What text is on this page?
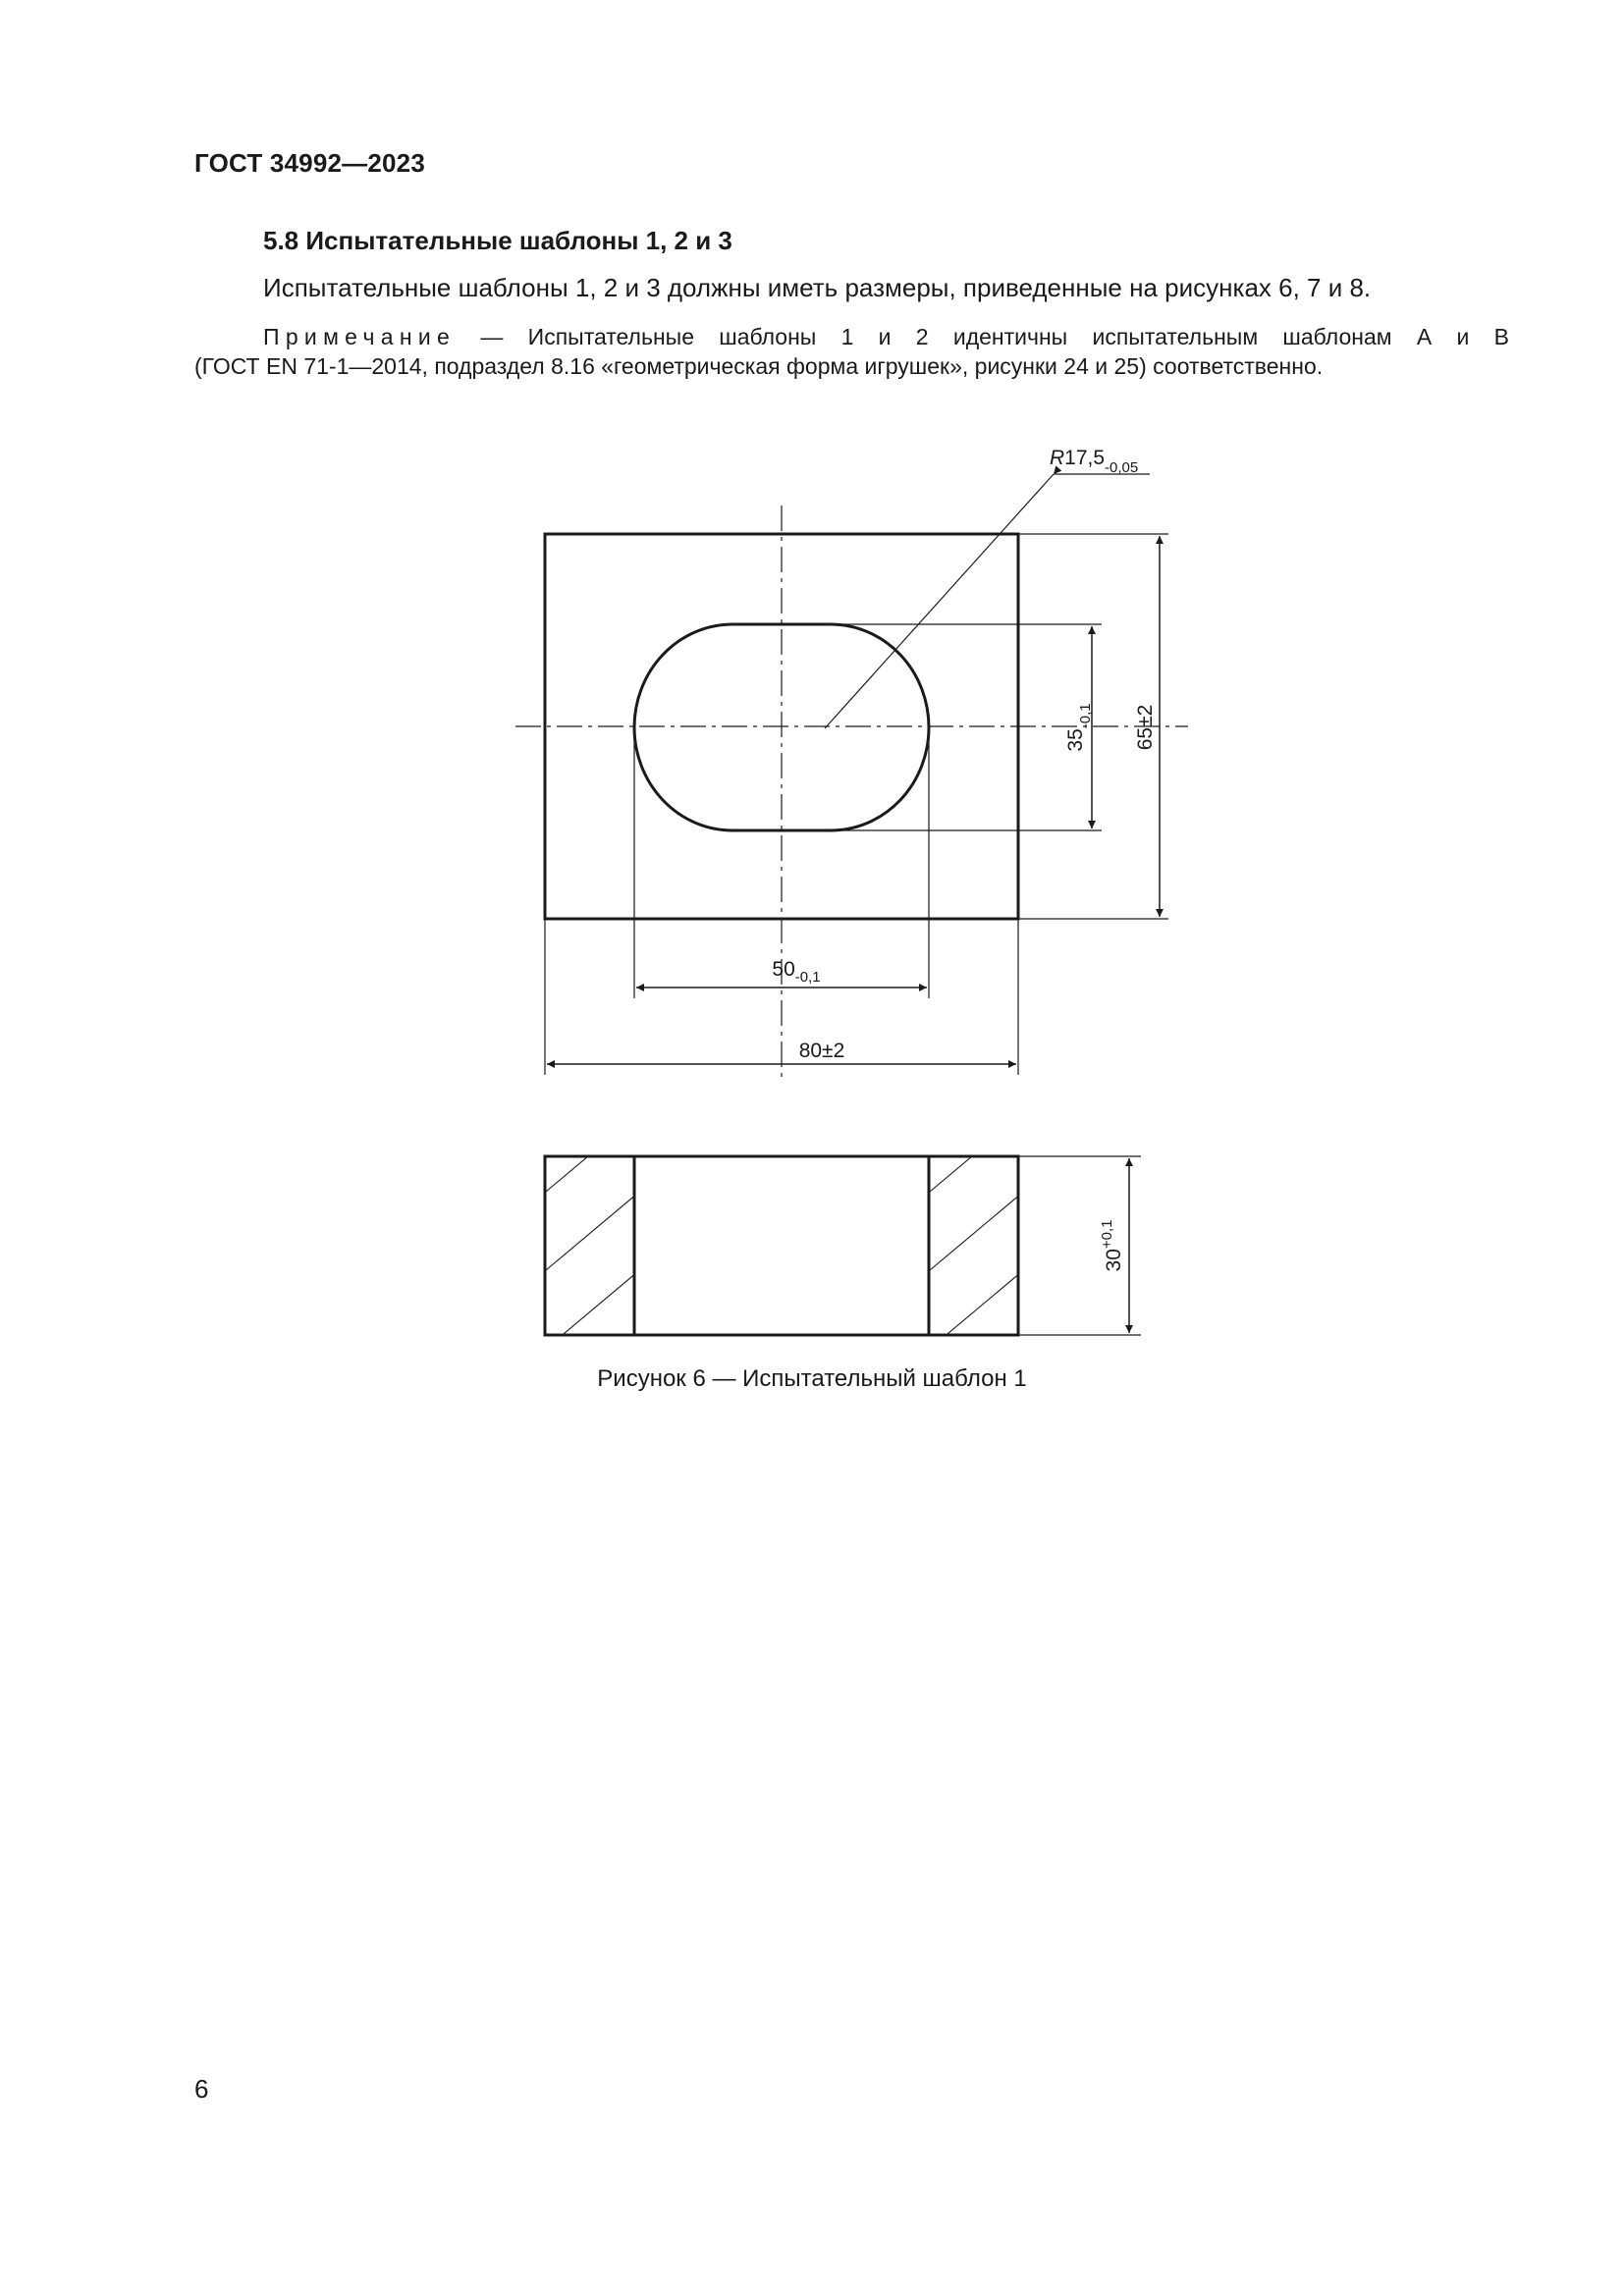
ГОСТ 34992—2023
5.8 Испытательные шаблоны 1, 2 и 3
Испытательные шаблоны 1, 2 и 3 должны иметь размеры, приведенные на рисунках 6, 7 и 8.
Примечание — Испытательные шаблоны 1 и 2 идентичны испытательным шаблонам А и В
(ГОСТ EN 71-1—2014, подраздел 8.16 «геометрическая форма игрушек», рисунки 24 и 25) соответственно.
$R17,5_{-0,05}$
65±2
$35_{-0,1}$
$50_{-0,1}$
80±2
$30^{+0,1}$
Рисунок 6 — Испытательный шаблон 1
6
